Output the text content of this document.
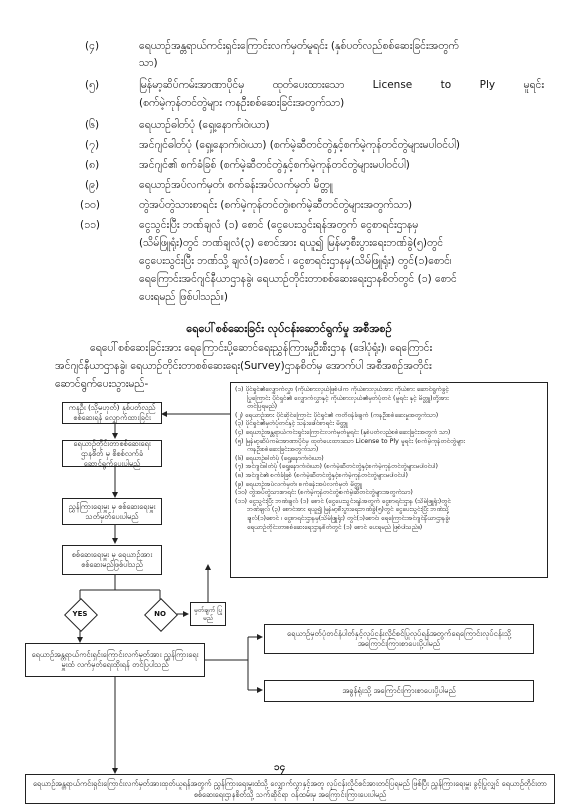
(၄)	ရေယာဉ်အန္တရာယ်ကင်းရှင်းကြောင်းလက်မှတ်မူရင်း (နှစ်ပတ်လည်စစ်ဆေးခြင်းအတွက်
သာ)
(၅)	မြန်မာ့ဆိပ်ကမ်းအာဏာပိုင်မှ ထုတ်ပေးထားသော License to Ply မူရင်း
(စက်မဲ့ကုန်တင်တွဲများ ကနဦးစစ်ဆေးခြင်းအတွက်သာ)
(၆)	ရေယာဉ်ဓါတ်ပုံ (ရှေ့၊နောက်၊ဝဲ၊ယာ)
(၇)	အင်ဂျင်ဓါတ်ပုံ (ရှေ့၊နောက်၊ဝဲ၊ယာ) (စက်မဲ့ဆီတင်တွဲနှင့်စက်မဲ့ကုန်တင်တွဲများမပါဝင်ပါ)
(၈)	အင်ဂျင်၏ စက်ခံခြစ် (စက်မဲ့ဆီတင်တွဲနှင့်စက်မဲ့ကုန်တင်တွဲများမပါဝင်ပါ)
(၉)	ရေယာဉ်အပ်လက်မှတ်၊ စက်ခန်းအပ်လက်မှတ် မိတ္တူ
(၁၀)	တွဲအပ်တွဲသားစာရင်း (စက်မဲ့ကုန်တင်တွဲ၊စက်မဲ့ဆီတင်တွဲများအတွက်သာ)
(၁၁)	ငွေသွင်းပြီး ဘဏ်ချလံ (၁) စောင် (ငွေပေးသွင်းရန်အတွက် ငွေစာရင်းဌာနမှ
(သိမ်ဖြူရုံး)တွင် ဘဏ်ချလံ(၃) စောင်အား ရယူ၍ မြန်မာ့စီးပွားရေးဘဏ်ခွဲ(၅)တွင်
ငွေပေးသွင်းပြီး ဘဏ်သို့ ချလံ(၁)စောင် ၊ ငွေစာရင်းဌာနမှ(သိမ်ဖြူရုံး) တွင်(၁)စောင်၊
ရေကြောင်းအင်ဂျင်နီယာဌာနခွဲ၊ ရေယာဉ်တိုင်းတာစစ်ဆေးရေးဌာနစိတ်တွင် (၁) စောင်
ပေးရမည် ဖြစ်ပါသည်။)
ရေပေါ်စစ်ဆေးခြင်း လုပ်ငန်းဆောင်ရွက်မှု အစီအစဉ်
ရေပေါ်စစ်ဆေးခြင်းအား ရေကြောင်းပို့ဆောင်ရေးညွှန်ကြားမှုဦးစီးဌာန (ဒေါပုံရုံး)၊ ရေကြောင်း
အင်ဂျင်နီယာဌာနခွဲ၊ ရေယာဉ်တိုင်းတာစစ်ဆေးရေး(Survey)ဌာနစိတ်မှ အောက်ပါ အစီအစဉ်အတိုင်း
ဆောင်ရွက်ပေးသွားမည်-
ကနဦး (သို့မဟုတ်) နှစ်ပတ်လည် စစ်ဆေးရန် လျှောက်ထားခြင်း
ရေယာဉ်တိုင်းတာစစ်ဆေးရေးဌာနစိတ် မှ စိစစ်လက်ခံဆောင်ရွက်ပေးပါမည်
ညွှန်ကြားရေးမှူး မှ စစ်ဆေးရေးမှူး သတ်မှတ်ပေးပါမည်
စစ်ဆေးရေးမှူး မှ ရေယာဉ်အား စစ်ဆေးမည်ဖြစ်ပါသည်
YES	NO	မှတ်ချက် ပြုမည်
ရေယာဉ်အန္တရာယ်ကင်းရှင်းကြောင်းလက်မှတ်အား ညွှန်ကြားရေးမှူးထံ လက်မှတ်ရေးထိုးရန် တင်ပြပါသည်
ရေယာဉ်မှတ်ပုံတင်နံပါတ်နှင့်လုပ်ငန်းလိုင်စင်ပြုလုပ်ရန်အတွက်ရေကြောင်းလုပ်ငန်းသို့ အကြောင်းကြားစာပေးပို့ပါမည်
အခွန်ရုံးသို့ အကြောင်းကြားစာပေးပို့ပါမည်
(၁) ပိုင်ရှင်၏လျှောက်လွှာ (ကိုယ်စားလှယ်ဖြစ်ပါက ကိုယ်စားလှယ်အား ကိုယ်စား ဆောင်ရွက်ခွင့်
ပြုကြောင်း ပိုင်ရှင်၏ လျှောက်လွှာနှင့် ကိုယ်စားလှယ်၏မှတ်ပုံတင် (မူရင်း နှင့် မိတ္တူ)တို့အား
တင်ပြရမည်)
(၂) ရေယာဉ်အား ပိုင်ဆိုင်ကြောင်း ပိုင်ရှင်၏ ကတိဝန်ခံချက် (ကနဦးစစ်ဆေးမှုအတွက်သာ)
(၃) ပိုင်ရှင်၏မှတ်ပုံတင်နှင့် သန်းခေါင်စာရင်း မိတ္တူ
(၄) ရေယာဉ်အန္တရာယ်ကင်းရှင်းကြောင်းလက်မှတ်မူရင်း (နှစ်ပတ်လည်စစ်ဆေးခြင်းအတွက် သာ)
(၅) မြန်မာ့ဆိပ်ကမ်းအာဏာပိုင်မှ ထုတ်ပေးထားသော License to Ply မူရင်း (စက်မဲ့ကုန်တင်တွဲများ
ကနဦးစစ်ဆေးခြင်းအတွက်သာ)
(၆) ရေယာဉ်ဓါတ်ပုံ (ရှေ့၊နောက်၊ဝဲ၊ယာ)
(၇) အင်ဂျင်ဓါတ်ပုံ (ရှေ့၊နောက်၊ဝဲ၊ယာ) (စက်မဲ့ဆီတင်တွဲနှင့်စက်မဲ့ကုန်တင်တွဲများမပါဝင်ပါ)
(၈) အင်ဂျင်၏ စက်ခံခြစ် (စက်မဲ့ဆီတင်တွဲနှင့်စက်မဲ့ကုန်တင်တွဲများမပါဝင်ပါ)
(၉) ရေယာဉ်အပ်လက်မှတ်၊ စက်ခန်းအပ်လက်မှတ် မိတ္တူ
(၁၀) တွဲအပ်တွဲသားစာရင်း (စက်မဲ့ကုန်တင်တွဲ၊စက်မဲ့ဆီတင်တွဲများအတွက်သာ)
(၁၁) ငွေသွင်းပြီး ဘဏ်ချလံ (၁) စောင် (ငွေပေးသွင်းရန်အတွက် ငွေစာရင်းဌာန (သိမ်ဖြူရုံး)တွင်
ဘဏ်ချလံ (၃) စောင်အား ရယူ၍ မြန်မာ့စီးပွားရေးဘဏ်ခွဲ(၅)တွင် ငွေပေးသွင်းပြီး ဘဏ်သို့
ချလံ(၁)စောင် ၊ ငွေစာရင်းဌာနမှ(သိမ်ဖြူရုံး) တွင်(၁)စောင်၊ ရေကြောင်းအင်ဂျင်နီယာဌာနခွဲ၊
ရေယာဉ်တိုင်းတာစစ်ဆေးရေးဌာနစိတ်တွင် (၁) စောင် ပေးရမည် ဖြစ်ပါသည်။)
၁၄
ရေယာဉ်အန္တရာယ်ကင်းရှင်းကြောင်းလက်မှတ်အားထုတ်ယူရန်အတွက် ညွှန်ကြားရေးမှူးထံသို့ လျှောက်လွှာနှင့်အတူ လုပ်ငန်းလိုင်စင်အားတင်ပြရမည် ဖြစ်ပြီး ညွှန်ကြားရေးမှူး ခွင့်ပြုလျှင် ရေယာဉ်တိုင်းတာစစ်ဆေးရေးဌာနစိတ်သို့ သက်ဆိုင်ရာ ဝန်ထမ်းမှ အကြောင်းကြားပေးပါမည်
